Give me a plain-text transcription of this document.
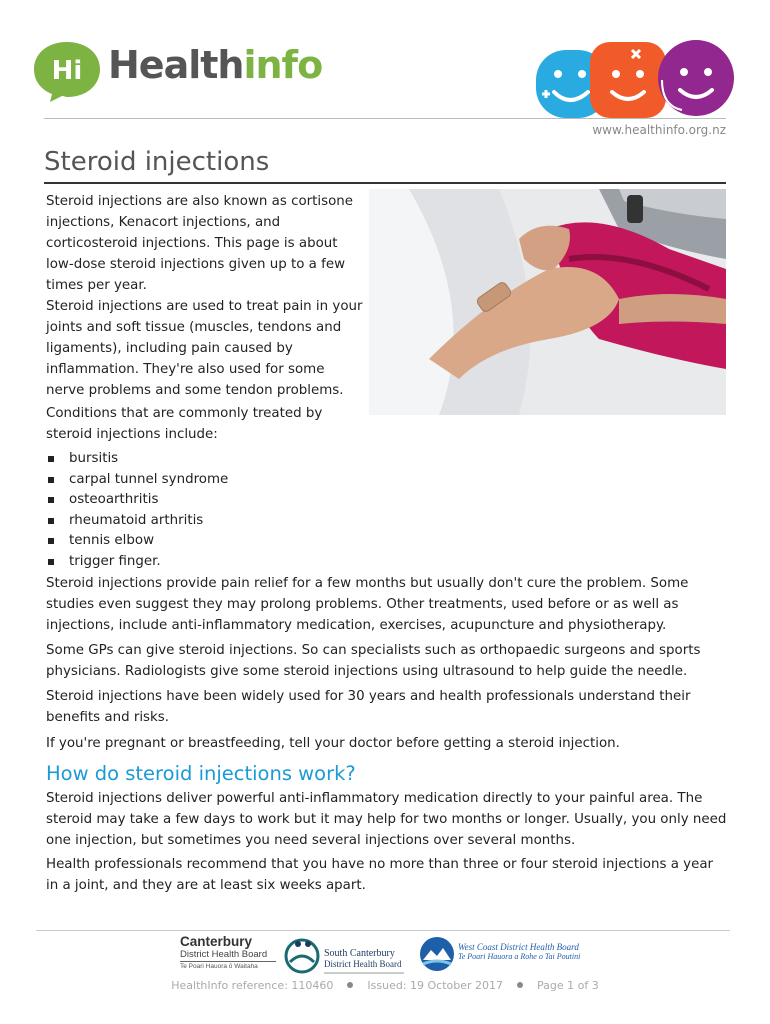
Hi Healthinfo
www.healthinfo.org.nz
Steroid injections

Steroid injections are also known as cortisone injections, Kenacort injections, and corticosteroid injections. This page is about low-dose steroid injections given up to a few times per year.

Steroid injections are used to treat pain in your joints and soft tissue (muscles, tendons and ligaments), including pain caused by inflammation. They're also used for some nerve problems and some tendon problems.

Conditions that are commonly treated by steroid injections include:

bursitis
carpal tunnel syndrome
osteoarthritis
rheumatoid arthritis
tennis elbow
trigger finger.

Steroid injections provide pain relief for a few months but usually don't cure the problem. Some studies even suggest they may prolong problems. Other treatments, used before or as well as injections, include anti-inflammatory medication, exercises, acupuncture and physiotherapy.

Some GPs can give steroid injections. So can specialists such as orthopaedic surgeons and sports physicians. Radiologists give some steroid injections using ultrasound to help guide the needle.

Steroid injections have been widely used for 30 years and health professionals understand their benefits and risks.

If you're pregnant or breastfeeding, tell your doctor before getting a steroid injection.

How do steroid injections work?

Steroid injections deliver powerful anti-inflammatory medication directly to your painful area. The steroid may take a few days to work but it may help for two months or longer. Usually, you only need one injection, but sometimes you need several injections over several months.

Health professionals recommend that you have no more than three or four steroid injections a year in a joint, and they are at least six weeks apart.

Canterbury
District Health Board
Te Poari Hauora ō Waitaha
South Canterbury
District Health Board
West Coast District Health Board
Te Poari Hauora a Rohe o Tai Poutini
HealthInfo reference: 110460	Issued: 19 October 2017	Page 1 of 3
